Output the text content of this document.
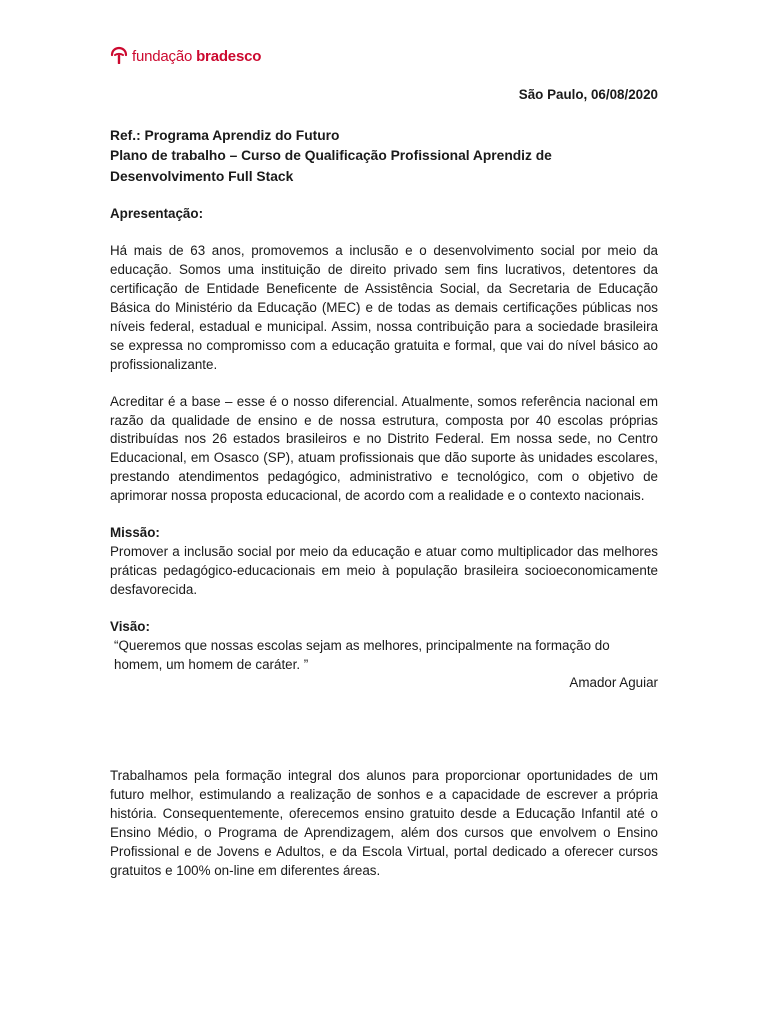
fundação bradesco

São Paulo, 06/08/2020

Ref.: Programa Aprendiz do Futuro
Plano de trabalho – Curso de Qualificação Profissional Aprendiz de Desenvolvimento Full Stack

Apresentação:

Há mais de 63 anos, promovemos a inclusão e o desenvolvimento social por meio da educação. Somos uma instituição de direito privado sem fins lucrativos, detentores da certificação de Entidade Beneficente de Assistência Social, da Secretaria de Educação Básica do Ministério da Educação (MEC) e de todas as demais certificações públicas nos níveis federal, estadual e municipal. Assim, nossa contribuição para a sociedade brasileira se expressa no compromisso com a educação gratuita e formal, que vai do nível básico ao profissionalizante.

Acreditar é a base – esse é o nosso diferencial. Atualmente, somos referência nacional em razão da qualidade de ensino e de nossa estrutura, composta por 40 escolas próprias distribuídas nos 26 estados brasileiros e no Distrito Federal. Em nossa sede, no Centro Educacional, em Osasco (SP), atuam profissionais que dão suporte às unidades escolares, prestando atendimentos pedagógico, administrativo e tecnológico, com o objetivo de aprimorar nossa proposta educacional, de acordo com a realidade e o contexto nacionais.

Missão:

Promover a inclusão social por meio da educação e atuar como multiplicador das melhores práticas pedagógico-educacionais em meio à população brasileira socioeconomicamente desfavorecida.

Visão:

“Queremos que nossas escolas sejam as melhores, principalmente na formação do homem, um homem de caráter. ”

Amador Aguiar

Trabalhamos pela formação integral dos alunos para proporcionar oportunidades de um futuro melhor, estimulando a realização de sonhos e a capacidade de escrever a própria história. Consequentemente, oferecemos ensino gratuito desde a Educação Infantil até o Ensino Médio, o Programa de Aprendizagem, além dos cursos que envolvem o Ensino Profissional e de Jovens e Adultos, e da Escola Virtual, portal dedicado a oferecer cursos gratuitos e 100% on-line em diferentes áreas.
